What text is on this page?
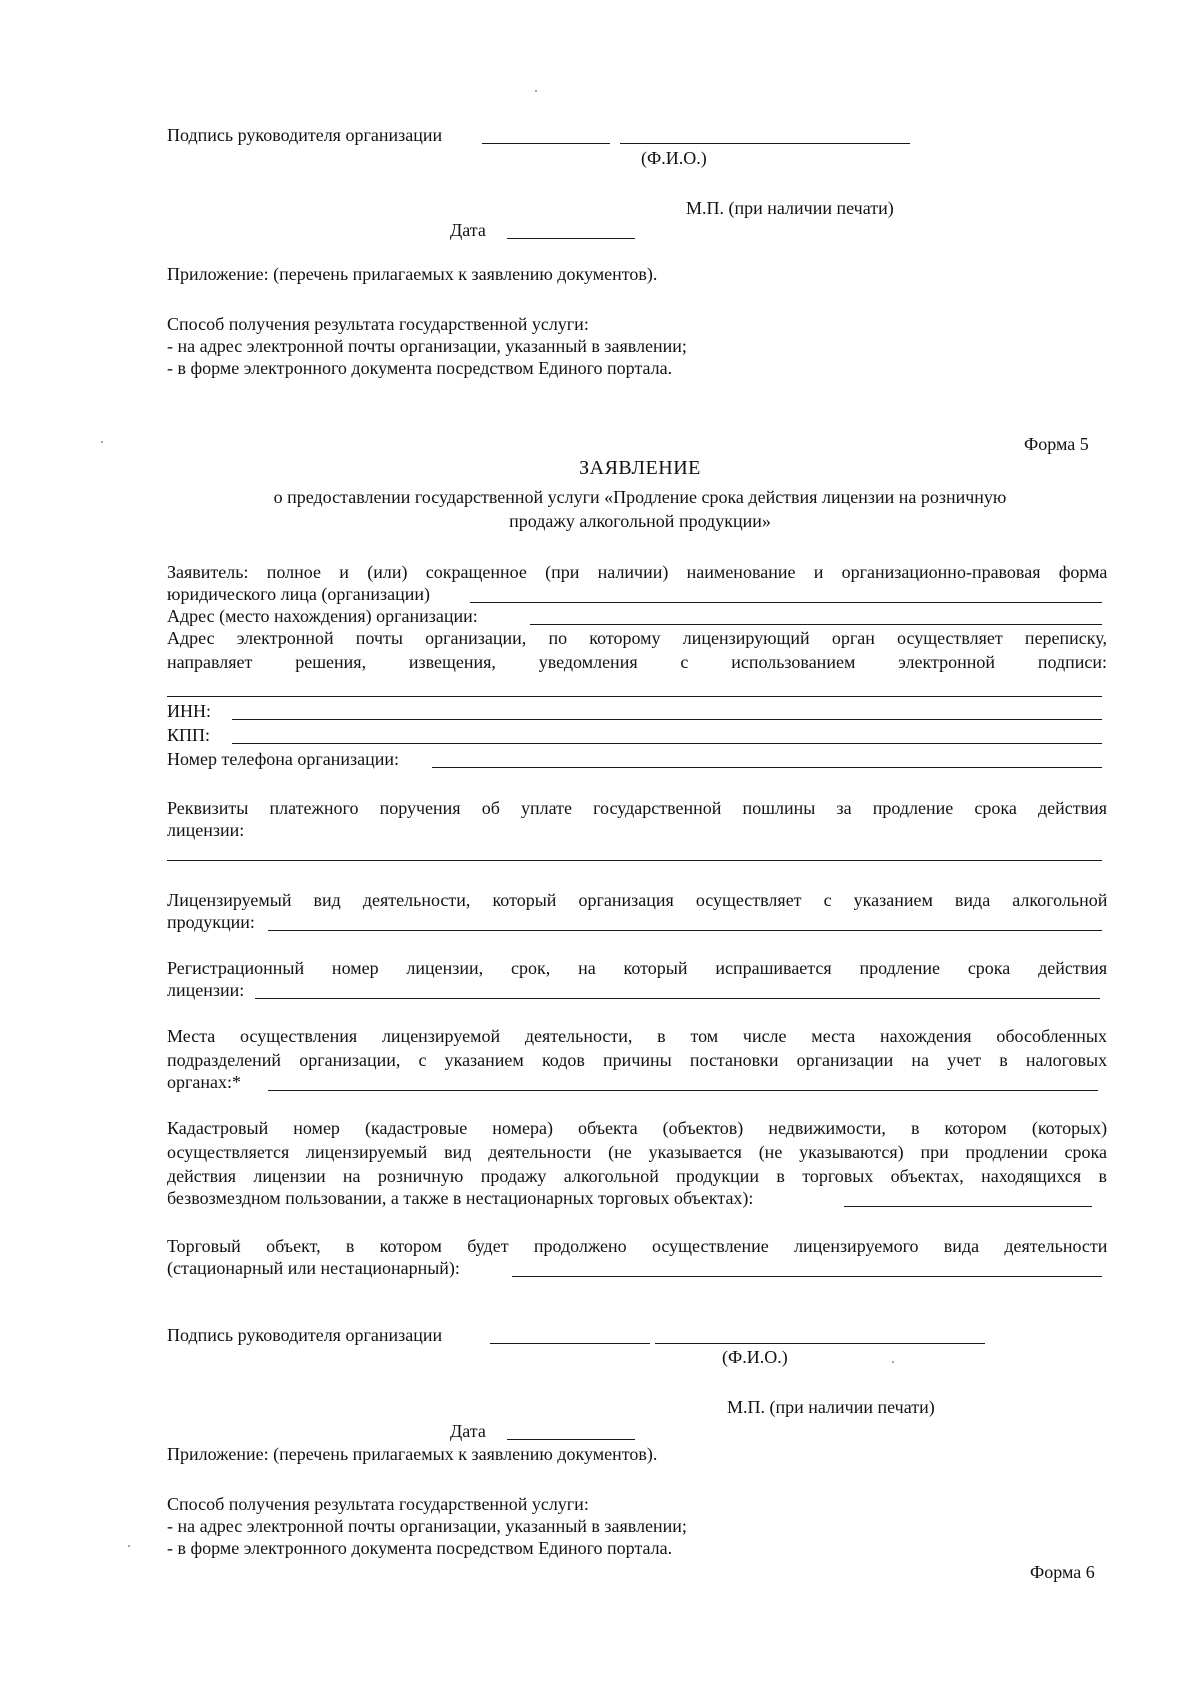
Подпись руководителя организации
(Ф.И.О.)
М.П. (при наличии печати)
Дата
Приложение: (перечень прилагаемых к заявлению документов).
Способ получения результата государственной услуги:
- на адрес электронной почты организации, указанный в заявлении;
- в форме электронного документа посредством Единого портала.
Форма 5
ЗАЯВЛЕНИЕ
о предоставлении государственной услуги «Продление срока действия лицензии на розничную
продажу алкогольной продукции»
Заявитель: полное и (или) сокращенное (при наличии) наименование и организационно-правовая форма
юридического лица (организации)
Адрес (место нахождения) организации:
Адрес электронной почты организации, по которому лицензирующий орган осуществляет переписку,
направляет решения, извещения, уведомления с использованием электронной подписи:
ИНН:
КПП:
Номер телефона организации:
Реквизиты платежного поручения об уплате государственной пошлины за продление срока действия
лицензии:
Лицензируемый вид деятельности, который организация осуществляет с указанием вида алкогольной
продукции:
Регистрационный номер лицензии, срок, на который испрашивается продление срока действия
лицензии:
Места осуществления лицензируемой деятельности, в том числе места нахождения обособленных
подразделений организации, с указанием кодов причины постановки организации на учет в налоговых
органах:*
Кадастровый номер (кадастровые номера) объекта (объектов) недвижимости, в котором (которых)
осуществляется лицензируемый вид деятельности (не указывается (не указываются) при продлении срока
действия лицензии на розничную продажу алкогольной продукции в торговых объектах, находящихся в
безвозмездном пользовании, а также в нестационарных торговых объектах):
Торговый объект, в котором будет продолжено осуществление лицензируемого вида деятельности
(стационарный или нестационарный):
Подпись руководителя организации
(Ф.И.О.)
М.П. (при наличии печати)
Дата
Приложение: (перечень прилагаемых к заявлению документов).
Способ получения результата государственной услуги:
- на адрес электронной почты организации, указанный в заявлении;
- в форме электронного документа посредством Единого портала.
Форма 6
